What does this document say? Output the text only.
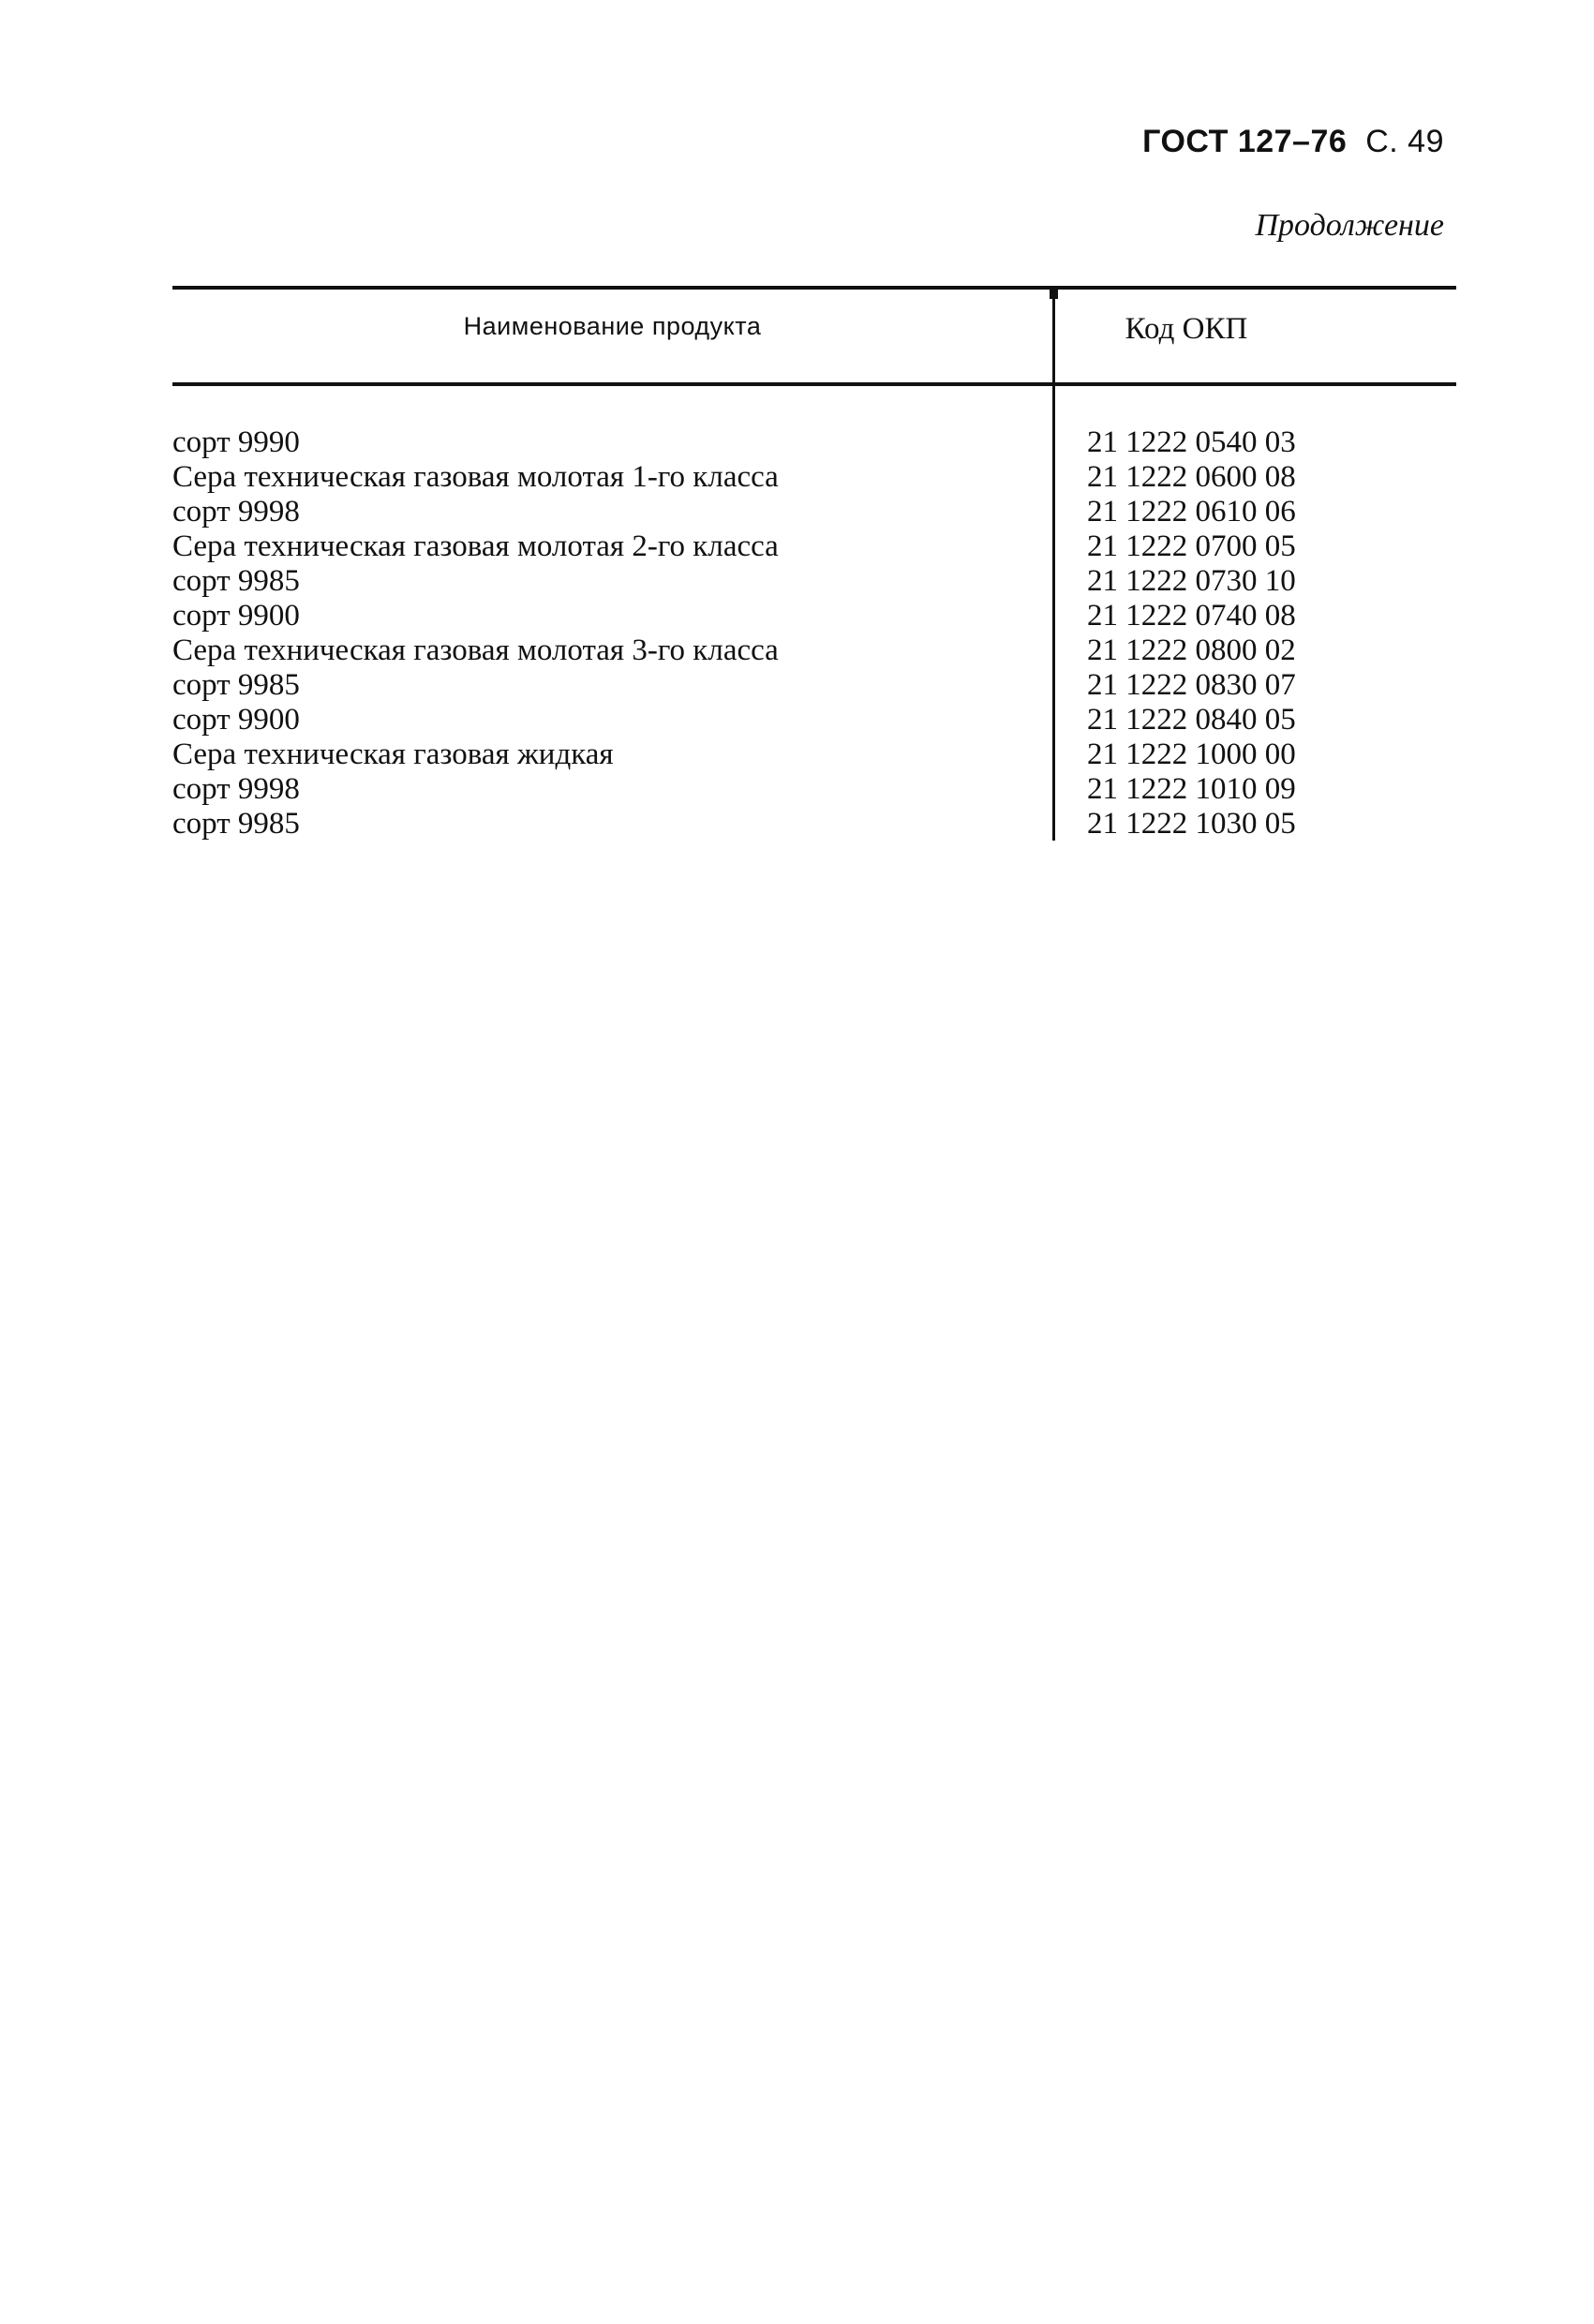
ГОСТ 127–76 С. 49
Продолжение
Наименование продукта	Код ОКП
сорт 9990	21 1222 0540 03
Сера техническая газовая молотая 1-го класса	21 1222 0600 08
сорт 9998	21 1222 0610 06
Сера техническая газовая молотая 2-го класса	21 1222 0700 05
сорт 9985	21 1222 0730 10
сорт 9900	21 1222 0740 08
Сера техническая газовая молотая 3-го класса	21 1222 0800 02
сорт 9985	21 1222 0830 07
сорт 9900	21 1222 0840 05
Сера техническая газовая жидкая	21 1222 1000 00
сорт 9998	21 1222 1010 09
сорт 9985	21 1222 1030 05
